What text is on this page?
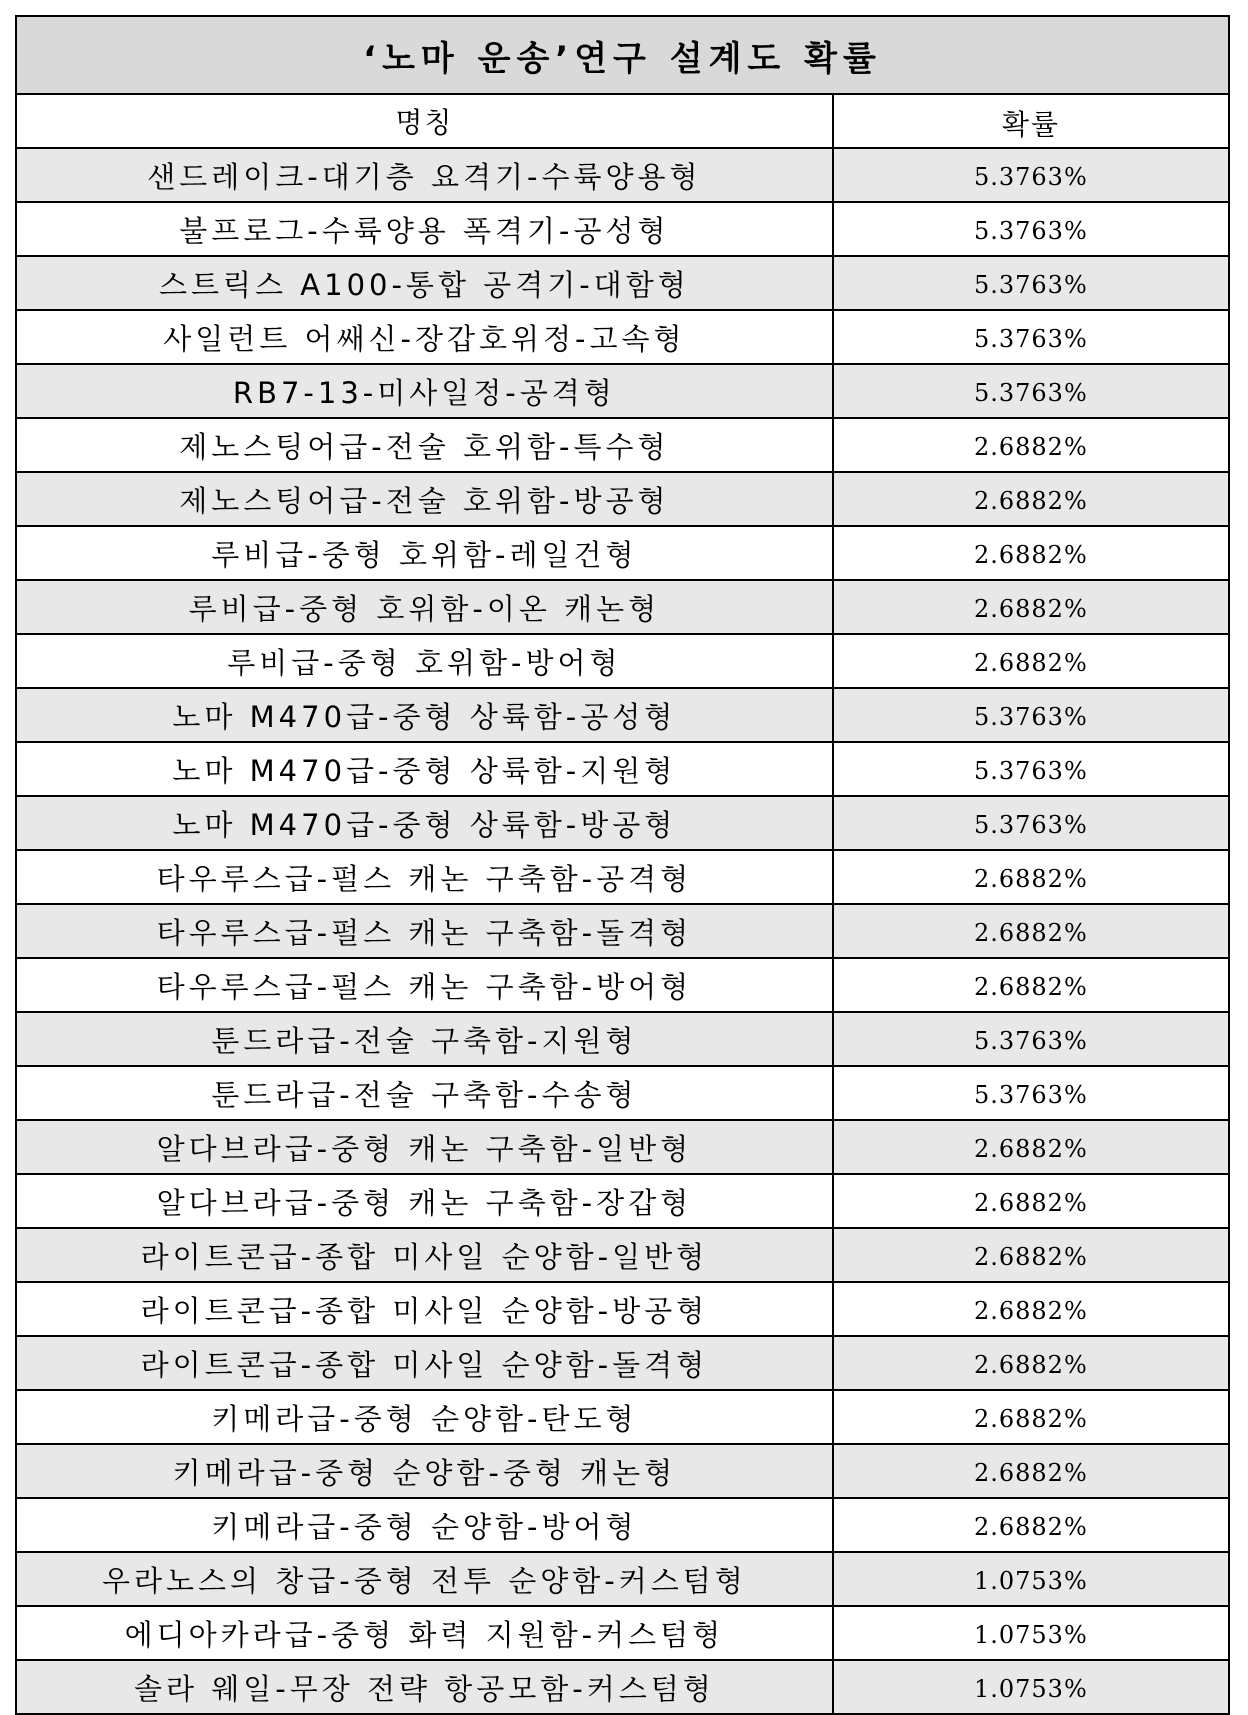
‘노마 운송’연구 설계도 확률	
명칭	확률
샌드레이크-대기층 요격기-수륙양용형	5.3763%
불프로그-수륙양용 폭격기-공성형	5.3763%
스트릭스 A100-통합 공격기-대함형	5.3763%
사일런트 어쌔신-장갑호위정-고속형	5.3763%
RB7-13-미사일정-공격형	5.3763%
제노스팅어급-전술 호위함-특수형	2.6882%
제노스팅어급-전술 호위함-방공형	2.6882%
루비급-중형 호위함-레일건형	2.6882%
루비급-중형 호위함-이온 캐논형	2.6882%
루비급-중형 호위함-방어형	2.6882%
노마 M470급-중형 상륙함-공성형	5.3763%
노마 M470급-중형 상륙함-지원형	5.3763%
노마 M470급-중형 상륙함-방공형	5.3763%
타우루스급-펄스 캐논 구축함-공격형	2.6882%
타우루스급-펄스 캐논 구축함-돌격형	2.6882%
타우루스급-펄스 캐논 구축함-방어형	2.6882%
툰드라급-전술 구축함-지원형	5.3763%
툰드라급-전술 구축함-수송형	5.3763%
알다브라급-중형 캐논 구축함-일반형	2.6882%
알다브라급-중형 캐논 구축함-장갑형	2.6882%
라이트콘급-종합 미사일 순양함-일반형	2.6882%
라이트콘급-종합 미사일 순양함-방공형	2.6882%
라이트콘급-종합 미사일 순양함-돌격형	2.6882%
키메라급-중형 순양함-탄도형	2.6882%
키메라급-중형 순양함-중형 캐논형	2.6882%
키메라급-중형 순양함-방어형	2.6882%
우라노스의 창급-중형 전투 순양함-커스텀형	1.0753%
에디아카라급-중형 화력 지원함-커스텀형	1.0753%
솔라 웨일-무장 전략 항공모함-커스텀형	1.0753%
